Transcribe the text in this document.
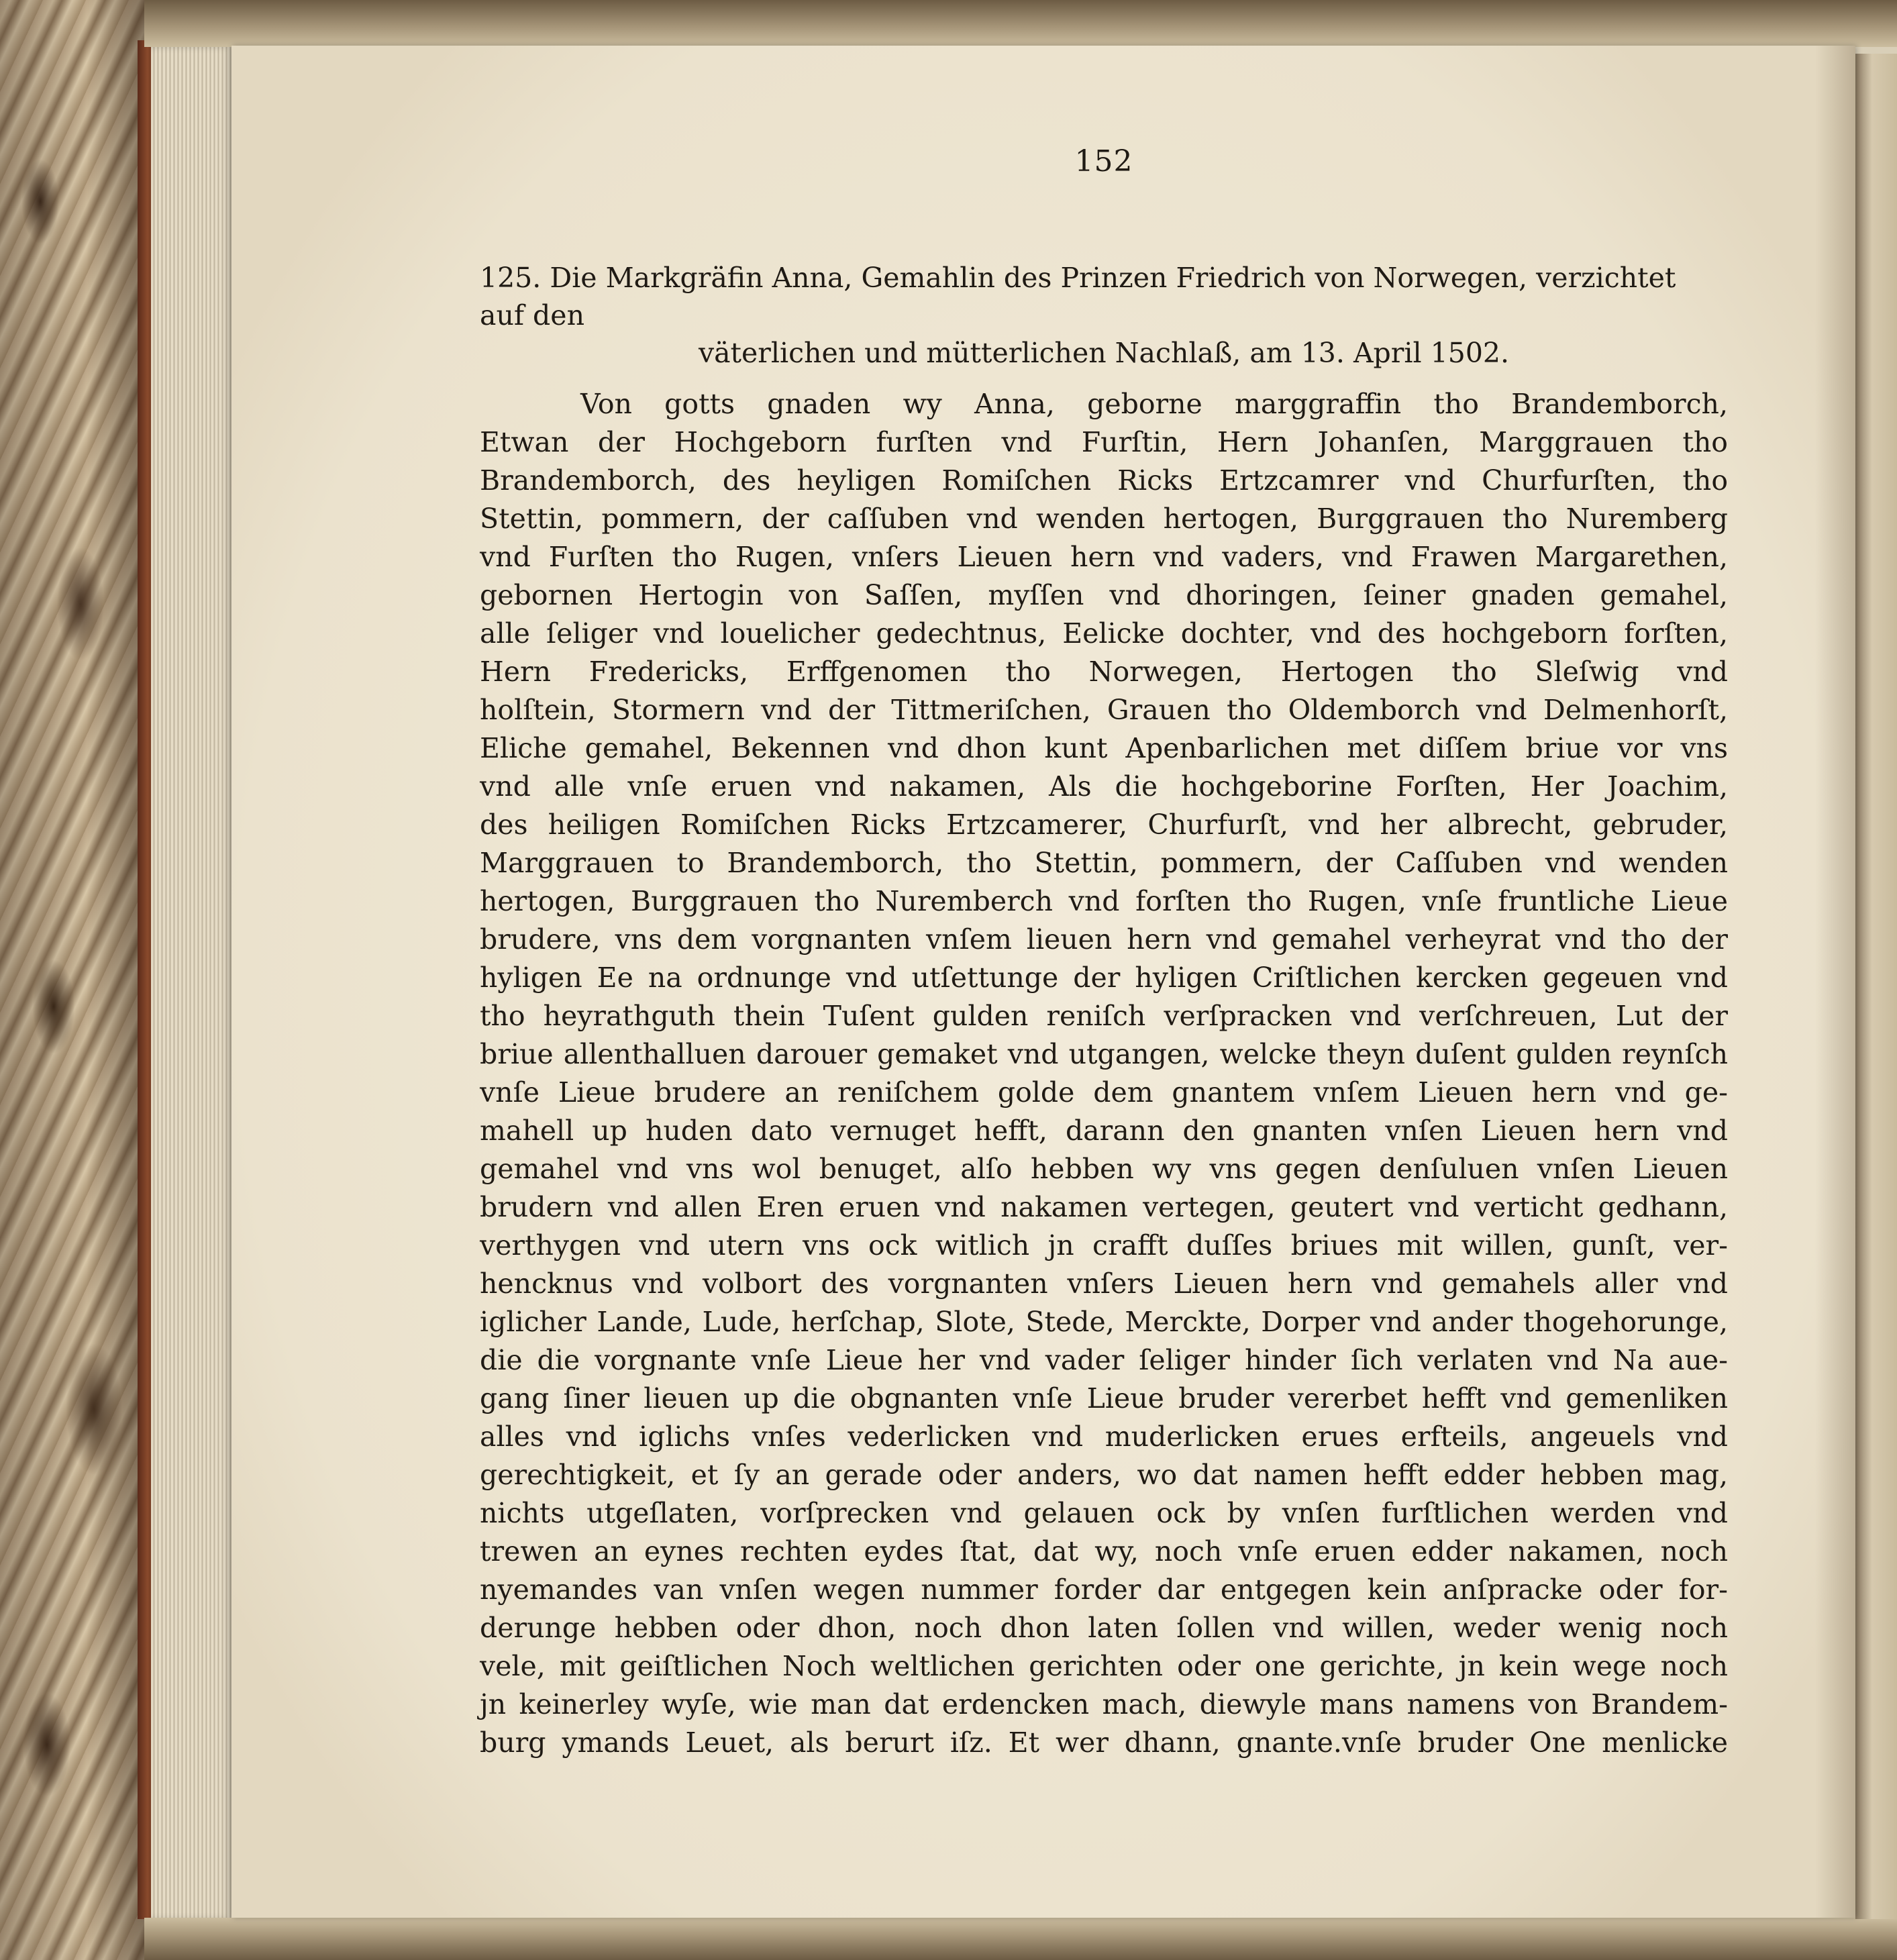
152
125. Die Markgräfin Anna, Gemahlin des Prinzen Friedrich von Norwegen, verzichtet auf den
väterlichen und mütterlichen Nachlaß, am 13. April 1502.
Von gotts gnaden wy Anna, geborne marggraffin tho Brandemborch,
Etwan der Hochgeborn furſten vnd Furſtin, Hern Johanſen, Marggrauen tho
Brandemborch, des heyligen Romiſchen Ricks Ertzcamrer vnd Churfurſten, tho
Stettin, pommern, der caſſuben vnd wenden hertogen, Burggrauen tho Nuremberg
vnd Furſten tho Rugen, vnſers Lieuen hern vnd vaders, vnd Frawen Margarethen,
gebornen Hertogin von Saſſen, myſſen vnd dhoringen, ſeiner gnaden gemahel,
alle ſeliger vnd louelicher gedechtnus, Eelicke dochter, vnd des hochgeborn forſten,
Hern Fredericks, Erffgenomen tho Norwegen, Hertogen tho Sleſwig vnd
holſtein, Stormern vnd der Tittmeriſchen, Grauen tho Oldemborch vnd Delmenhorſt,
Eliche gemahel, Bekennen vnd dhon kunt Apenbarlichen met diſſem briue vor vns
vnd alle vnſe eruen vnd nakamen, Als die hochgeborine Forſten, Her Joachim,
des heiligen Romiſchen Ricks Ertzcamerer, Churfurſt, vnd her albrecht, gebruder,
Marggrauen to Brandemborch, tho Stettin, pommern, der Caſſuben vnd wenden
hertogen, Burggrauen tho Nuremberch vnd forſten tho Rugen, vnſe fruntliche Lieue
brudere, vns dem vorgnanten vnſem lieuen hern vnd gemahel verheyrat vnd tho der
hyligen Ee na ordnunge vnd utſettunge der hyligen Criſtlichen kercken gegeuen vnd
tho heyrathguth thein Tuſent gulden reniſch verſpracken vnd verſchreuen, Lut der
briue allenthalluen darouer gemaket vnd utgangen, welcke theyn duſent gulden reynſch
vnſe Lieue brudere an reniſchem golde dem gnantem vnſem Lieuen hern vnd ge-
mahell up huden dato vernuget hefft, darann den gnanten vnſen Lieuen hern vnd
gemahel vnd vns wol benuget, alſo hebben wy vns gegen denſuluen vnſen Lieuen
brudern vnd allen Eren eruen vnd nakamen vertegen, geutert vnd verticht gedhann,
verthygen vnd utern vns ock witlich jn crafft duſſes briues mit willen, gunſt, ver-
hencknus vnd volbort des vorgnanten vnſers Lieuen hern vnd gemahels aller vnd
iglicher Lande, Lude, herſchap, Slote, Stede, Merckte, Dorper vnd ander thogehorunge,
die die vorgnante vnſe Lieue her vnd vader ſeliger hinder ſich verlaten vnd Na aue-
gang ſiner lieuen up die obgnanten vnſe Lieue bruder vererbet hefft vnd gemenliken
alles vnd iglichs vnſes vederlicken vnd muderlicken erues erfteils, angeuels vnd
gerechtigkeit, et ſy an gerade oder anders, wo dat namen hefft edder hebben mag,
nichts utgeſlaten, vorſprecken vnd gelauen ock by vnſen furſtlichen werden vnd
trewen an eynes rechten eydes ſtat, dat wy, noch vnſe eruen edder nakamen, noch
nyemandes van vnſen wegen nummer forder dar entgegen kein anſpracke oder for-
derunge hebben oder dhon, noch dhon laten ſollen vnd willen, weder wenig noch
vele, mit geiſtlichen Noch weltlichen gerichten oder one gerichte, jn kein wege noch
jn keinerley wyſe, wie man dat erdencken mach, diewyle mans namens von Brandem-
burg ymands Leuet, als berurt iſz. Et wer dhann, gnante.vnſe bruder One menlicke
